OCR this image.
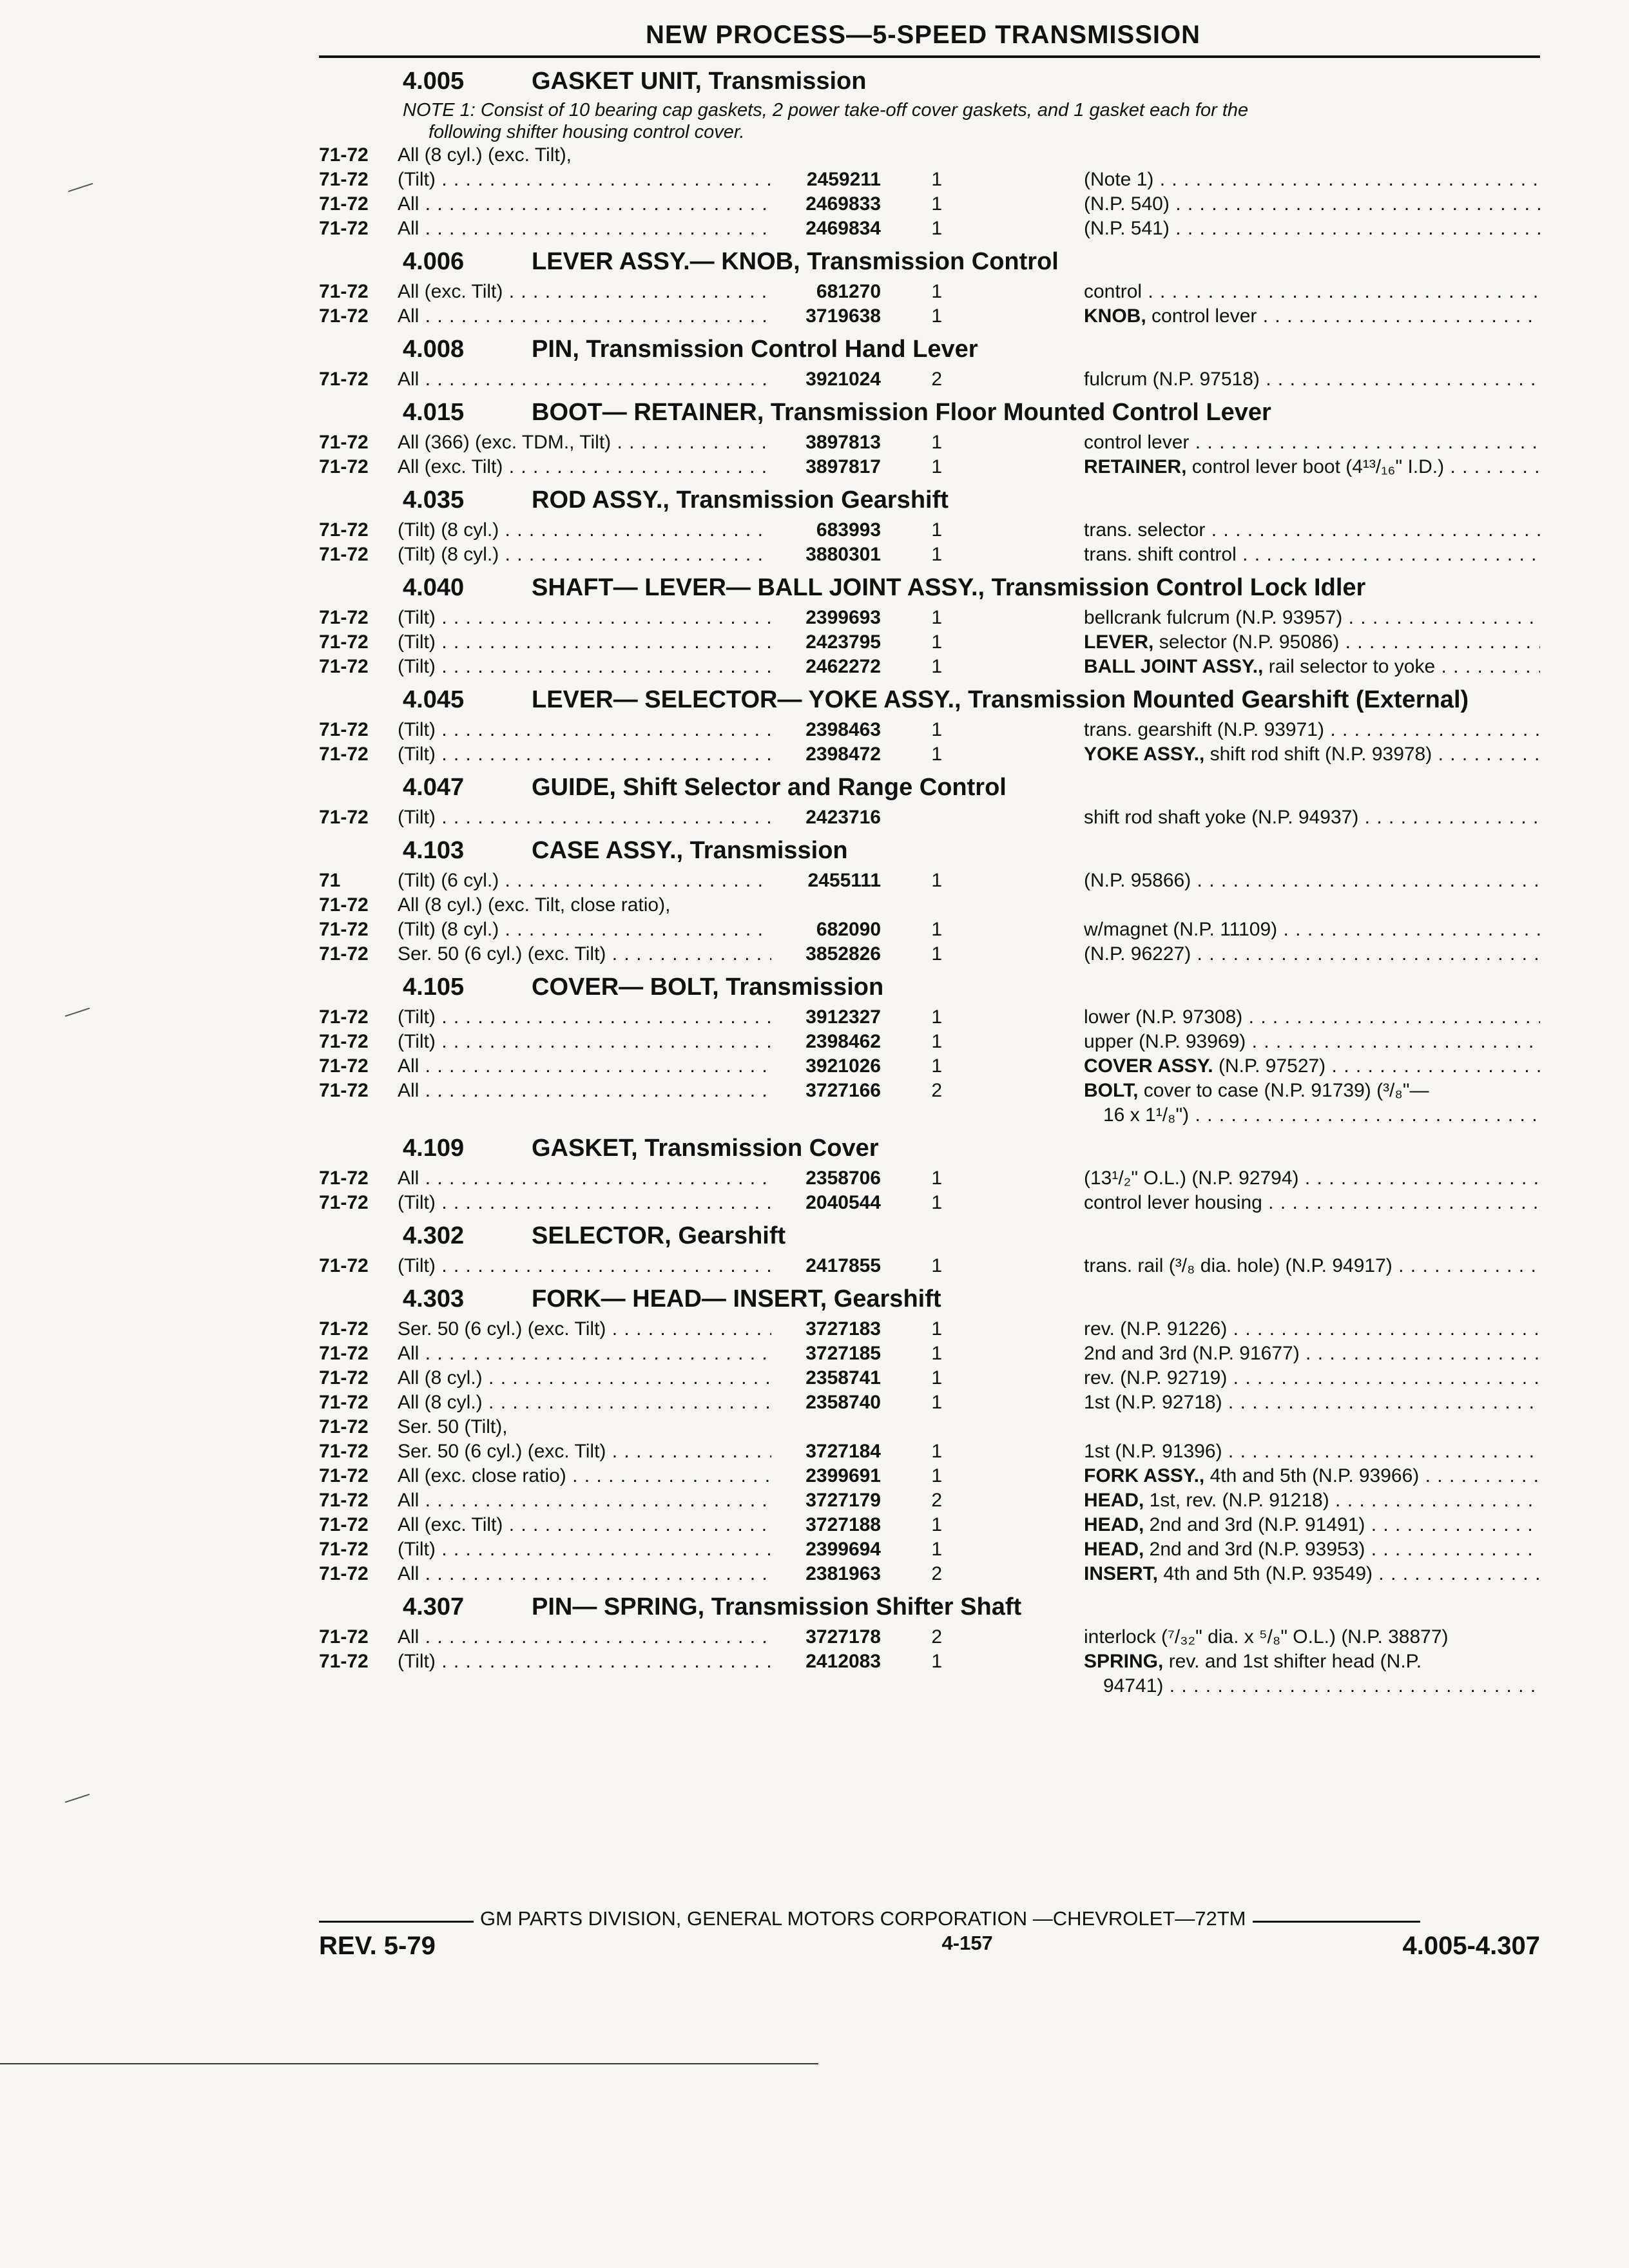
NEW PROCESS—5-SPEED TRANSMISSION
4.005	GASKET UNIT, Transmission
NOTE 1: Consist of 10 bearing cap gaskets, 2 power take-off cover gaskets, and 1 gasket each for the

following shifter housing control cover.
71-72	All (8 cyl.) (exc. Tilt),
71-72	(Tilt) . . .	2459211	1	(Note 1) . . .
71-72	All . . .	2469833	1	(N.P. 540) . . .
71-72	All . . .	2469834	1	(N.P. 541) . . .
4.006	LEVER ASSY.— KNOB, Transmission Control
71-72	All (exc. Tilt) . . .	681270	1	control . . .
71-72	All . . .	3719638	1	KNOB, control lever . . .
4.008	PIN, Transmission Control Hand Lever
71-72	All . . .	3921024	2	fulcrum (N.P. 97518) . . .
4.015	BOOT— RETAINER, Transmission Floor Mounted Control Lever
71-72	All (366) (exc. TDM., Tilt) . . .	3897813	1	control lever . . .
71-72	All (exc. Tilt) . . .	3897817	1	RETAINER, control lever boot (4¹³/₁₆" I.D.) . . .
4.035	ROD ASSY., Transmission Gearshift
71-72	(Tilt) (8 cyl.) . . .	683993	1	trans. selector . . .
71-72	(Tilt) (8 cyl.) . . .	3880301	1	trans. shift control . . .
4.040	SHAFT— LEVER— BALL JOINT ASSY., Transmission Control Lock Idler
71-72	(Tilt) . . .	2399693	1	bellcrank fulcrum (N.P. 93957) . . .
71-72	(Tilt) . . .	2423795	1	LEVER, selector (N.P. 95086) . . .
71-72	(Tilt) . . .	2462272	1	BALL JOINT ASSY., rail selector to yoke . . .
4.045	LEVER— SELECTOR— YOKE ASSY., Transmission Mounted Gearshift (External)
71-72	(Tilt) . . .	2398463	1	trans. gearshift (N.P. 93971) . . .
71-72	(Tilt) . . .	2398472	1	YOKE ASSY., shift rod shift (N.P. 93978) . . .
4.047	GUIDE, Shift Selector and Range Control
71-72	(Tilt) . . .	2423716	shift rod shaft yoke (N.P. 94937) . . .
4.103	CASE ASSY., Transmission
71	(Tilt) (6 cyl.) . . .	2455111	1	(N.P. 95866) . . .
71-72	All (8 cyl.) (exc. Tilt, close ratio),
71-72	(Tilt) (8 cyl.) . . .	682090	1	w/magnet (N.P. 11109) . . .
71-72	Ser. 50 (6 cyl.) (exc. Tilt) . . .	3852826	1	(N.P. 96227) . . .
4.105	COVER— BOLT, Transmission
71-72	(Tilt) . . .	3912327	1	lower (N.P. 97308) . . .
71-72	(Tilt) . . .	2398462	1	upper (N.P. 93969) . . .
71-72	All . . .	3921026	1	COVER ASSY. (N.P. 97527) . . .
71-72	All . . .	3727166	2	BOLT, cover to case (N.P. 91739) (³/₈"—
16 x 1¹/₈") . . .
4.109	GASKET, Transmission Cover
71-72	All . . .	2358706	1	(13¹/₂" O.L.) (N.P. 92794) . . .
71-72	(Tilt) . . .	2040544	1	control lever housing . . .
4.302	SELECTOR, Gearshift
71-72	(Tilt) . . .	2417855	1	trans. rail (³/₈ dia. hole) (N.P. 94917) . . .
4.303	FORK— HEAD— INSERT, Gearshift
71-72	Ser. 50 (6 cyl.) (exc. Tilt) . . .	3727183	1	rev. (N.P. 91226) . . .
71-72	All . . .	3727185	1	2nd and 3rd (N.P. 91677) . . .
71-72	All (8 cyl.) . . .	2358741	1	rev. (N.P. 92719) . . .
71-72	All (8 cyl.) . . .	2358740	1	1st (N.P. 92718) . . .
71-72	Ser. 50 (Tilt),
71-72	Ser. 50 (6 cyl.) (exc. Tilt) . . .	3727184	1	1st (N.P. 91396) . . .
71-72	All (exc. close ratio) . . .	2399691	1	FORK ASSY., 4th and 5th (N.P. 93966) . . .
71-72	All . . .	3727179	2	HEAD, 1st, rev. (N.P. 91218) . . .
71-72	All (exc. Tilt) . . .	3727188	1	HEAD, 2nd and 3rd (N.P. 91491) . . .
71-72	(Tilt) . . .	2399694	1	HEAD, 2nd and 3rd (N.P. 93953) . . .
71-72	All . . .	2381963	2	INSERT, 4th and 5th (N.P. 93549) . . .
4.307	PIN— SPRING, Transmission Shifter Shaft
71-72	All . . .	3727178	2	interlock (⁷/₃₂" dia. x ⁵/₈" O.L.) (N.P. 38877)
71-72	(Tilt) . . .	2412083	1	SPRING, rev. and 1st shifter head (N.P.
94741) . . .
GM PARTS DIVISION, GENERAL MOTORS CORPORATION —CHEVROLET—72TM
REV. 5-79	4-157	4.005-4.307
